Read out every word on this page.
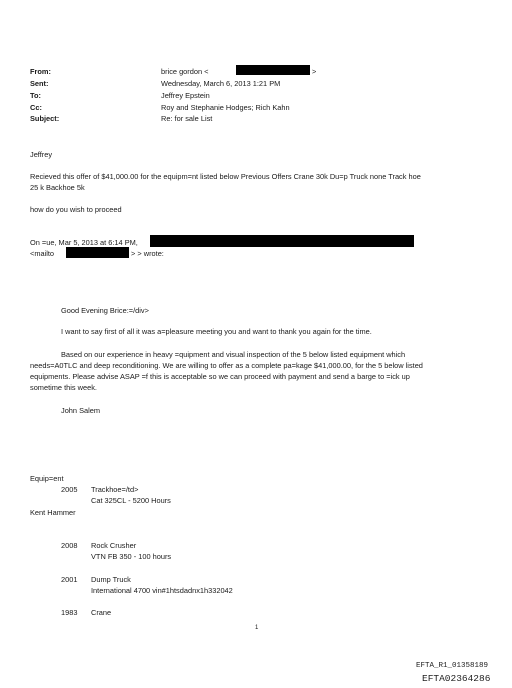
From:	brice gordon <	>
Sent:	Wednesday, March 6, 2013 1:21 PM
To:	Jeffrey Epstein
Cc:	Roy and Stephanie Hodges; Rich Kahn
Subject:	Re: for sale List
Jeffrey
Recieved this offer of $41,000.00 for the equipm=nt listed below Previous Offers Crane 30k Du=p Truck none Track hoe
25 k Backhoe 5k
how do you wish to proceed
On =ue, Mar 5, 2013 at 6:14 PM,
<mailto	> > wrote:
Good Evening Brice:=/div>
I want to say first of all it was a=pleasure meeting you and want to thank you again for the time.
Based on our experience in heavy =quipment and visual inspection of the 5 below listed equipment which
needs=A0TLC and deep reconditioning. We are willing to offer as a complete pa=kage $41,000.00, for the 5 below listed
equipments. Please advise ASAP =f this is acceptable so we can proceed with payment and send a barge to =ick up
sometime this week.
John Salem
Equip=ent
2005 Trackhoe=/td>
Cat 325CL - 5200 Hours
Kent Hammer
2008 Rock Crusher
VTN FB 350 - 100 hours
2001 Dump Truck
International 4700 vin#1htsdadnx1h332042
1983 Crane
1
EFTA_R1_01358189
EFTA02364286
